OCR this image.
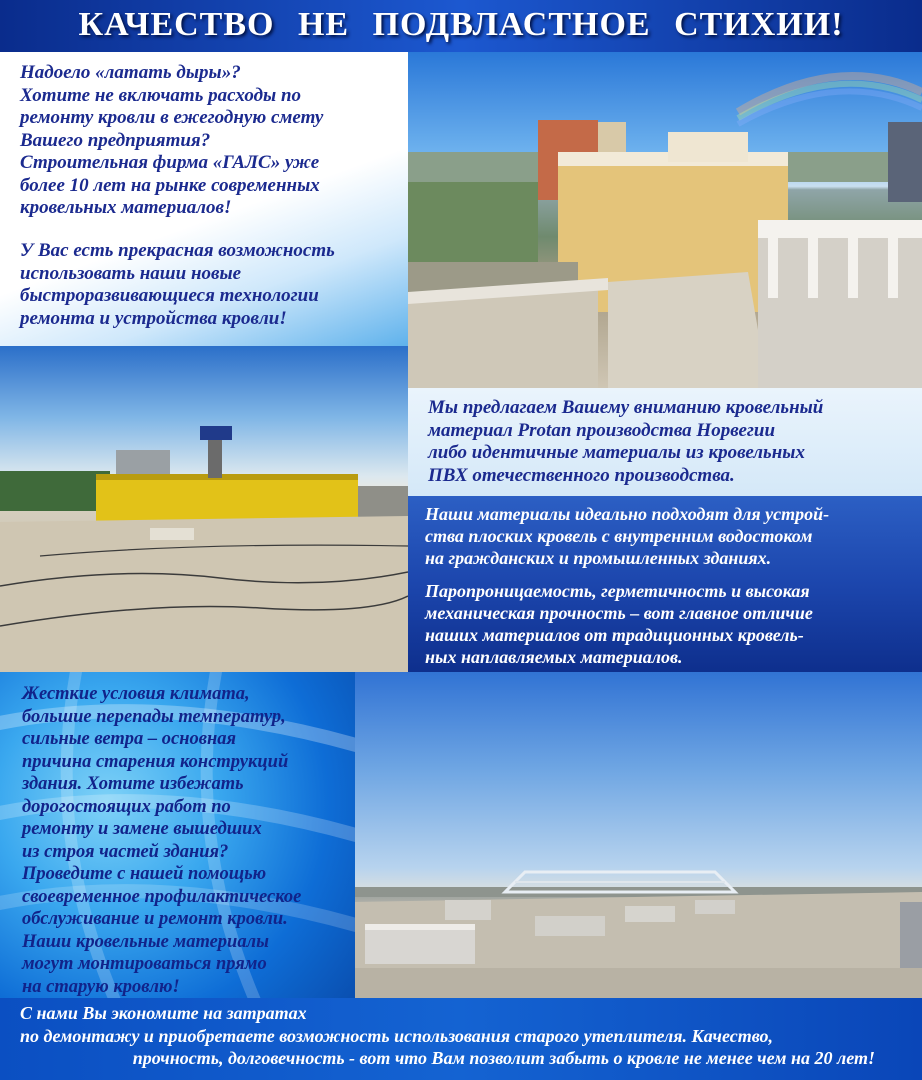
КАЧЕСТВО НЕ ПОДВЛАСТНОЕ СТИХИИ!
Надоело «латать дыры»?
Хотите не включать расходы по
ремонту кровли в ежегодную смету
Вашего предприятия?
Строительная фирма «ГАЛС» уже
более 10 лет на рынке современных
кровельных материалов!
У Вас есть прекрасная возможность
использовать наши новые
быстроразвивающиеся технологии
ремонта и устройства кровли!
Мы предлагаем Вашему вниманию кровельный
материал Protan производства Норвегии
либо идентичные материалы из кровельных
ПВХ отечественного производства.
Наши материалы идеально подходят для устрой-
ства плоских кровель с внутренним водостоком
на гражданских и промышленных зданиях.
Паропроницаемость, герметичность и высокая
механическая прочность – вот главное отличие
наших материалов от традиционных кровель-
ных наплавляемых материалов.
Жесткие условия климата,
большие перепады температур,
сильные ветра – основная
причина старения конструкций
здания. Хотите избежать
дорогостоящих работ по
ремонту и замене вышедших
из строя частей здания?
Проведите с нашей помощью
своевременное профилактическое
обслуживание и ремонт кровли.
Наши кровельные материалы
могут монтироваться прямо
на старую кровлю!
С нами Вы экономите на затратах
по демонтажу и приобретаете возможность использования старого утеплителя. Качество,
прочность, долговечность - вот что Вам позволит забыть о кровле не менее чем на 20 лет!
